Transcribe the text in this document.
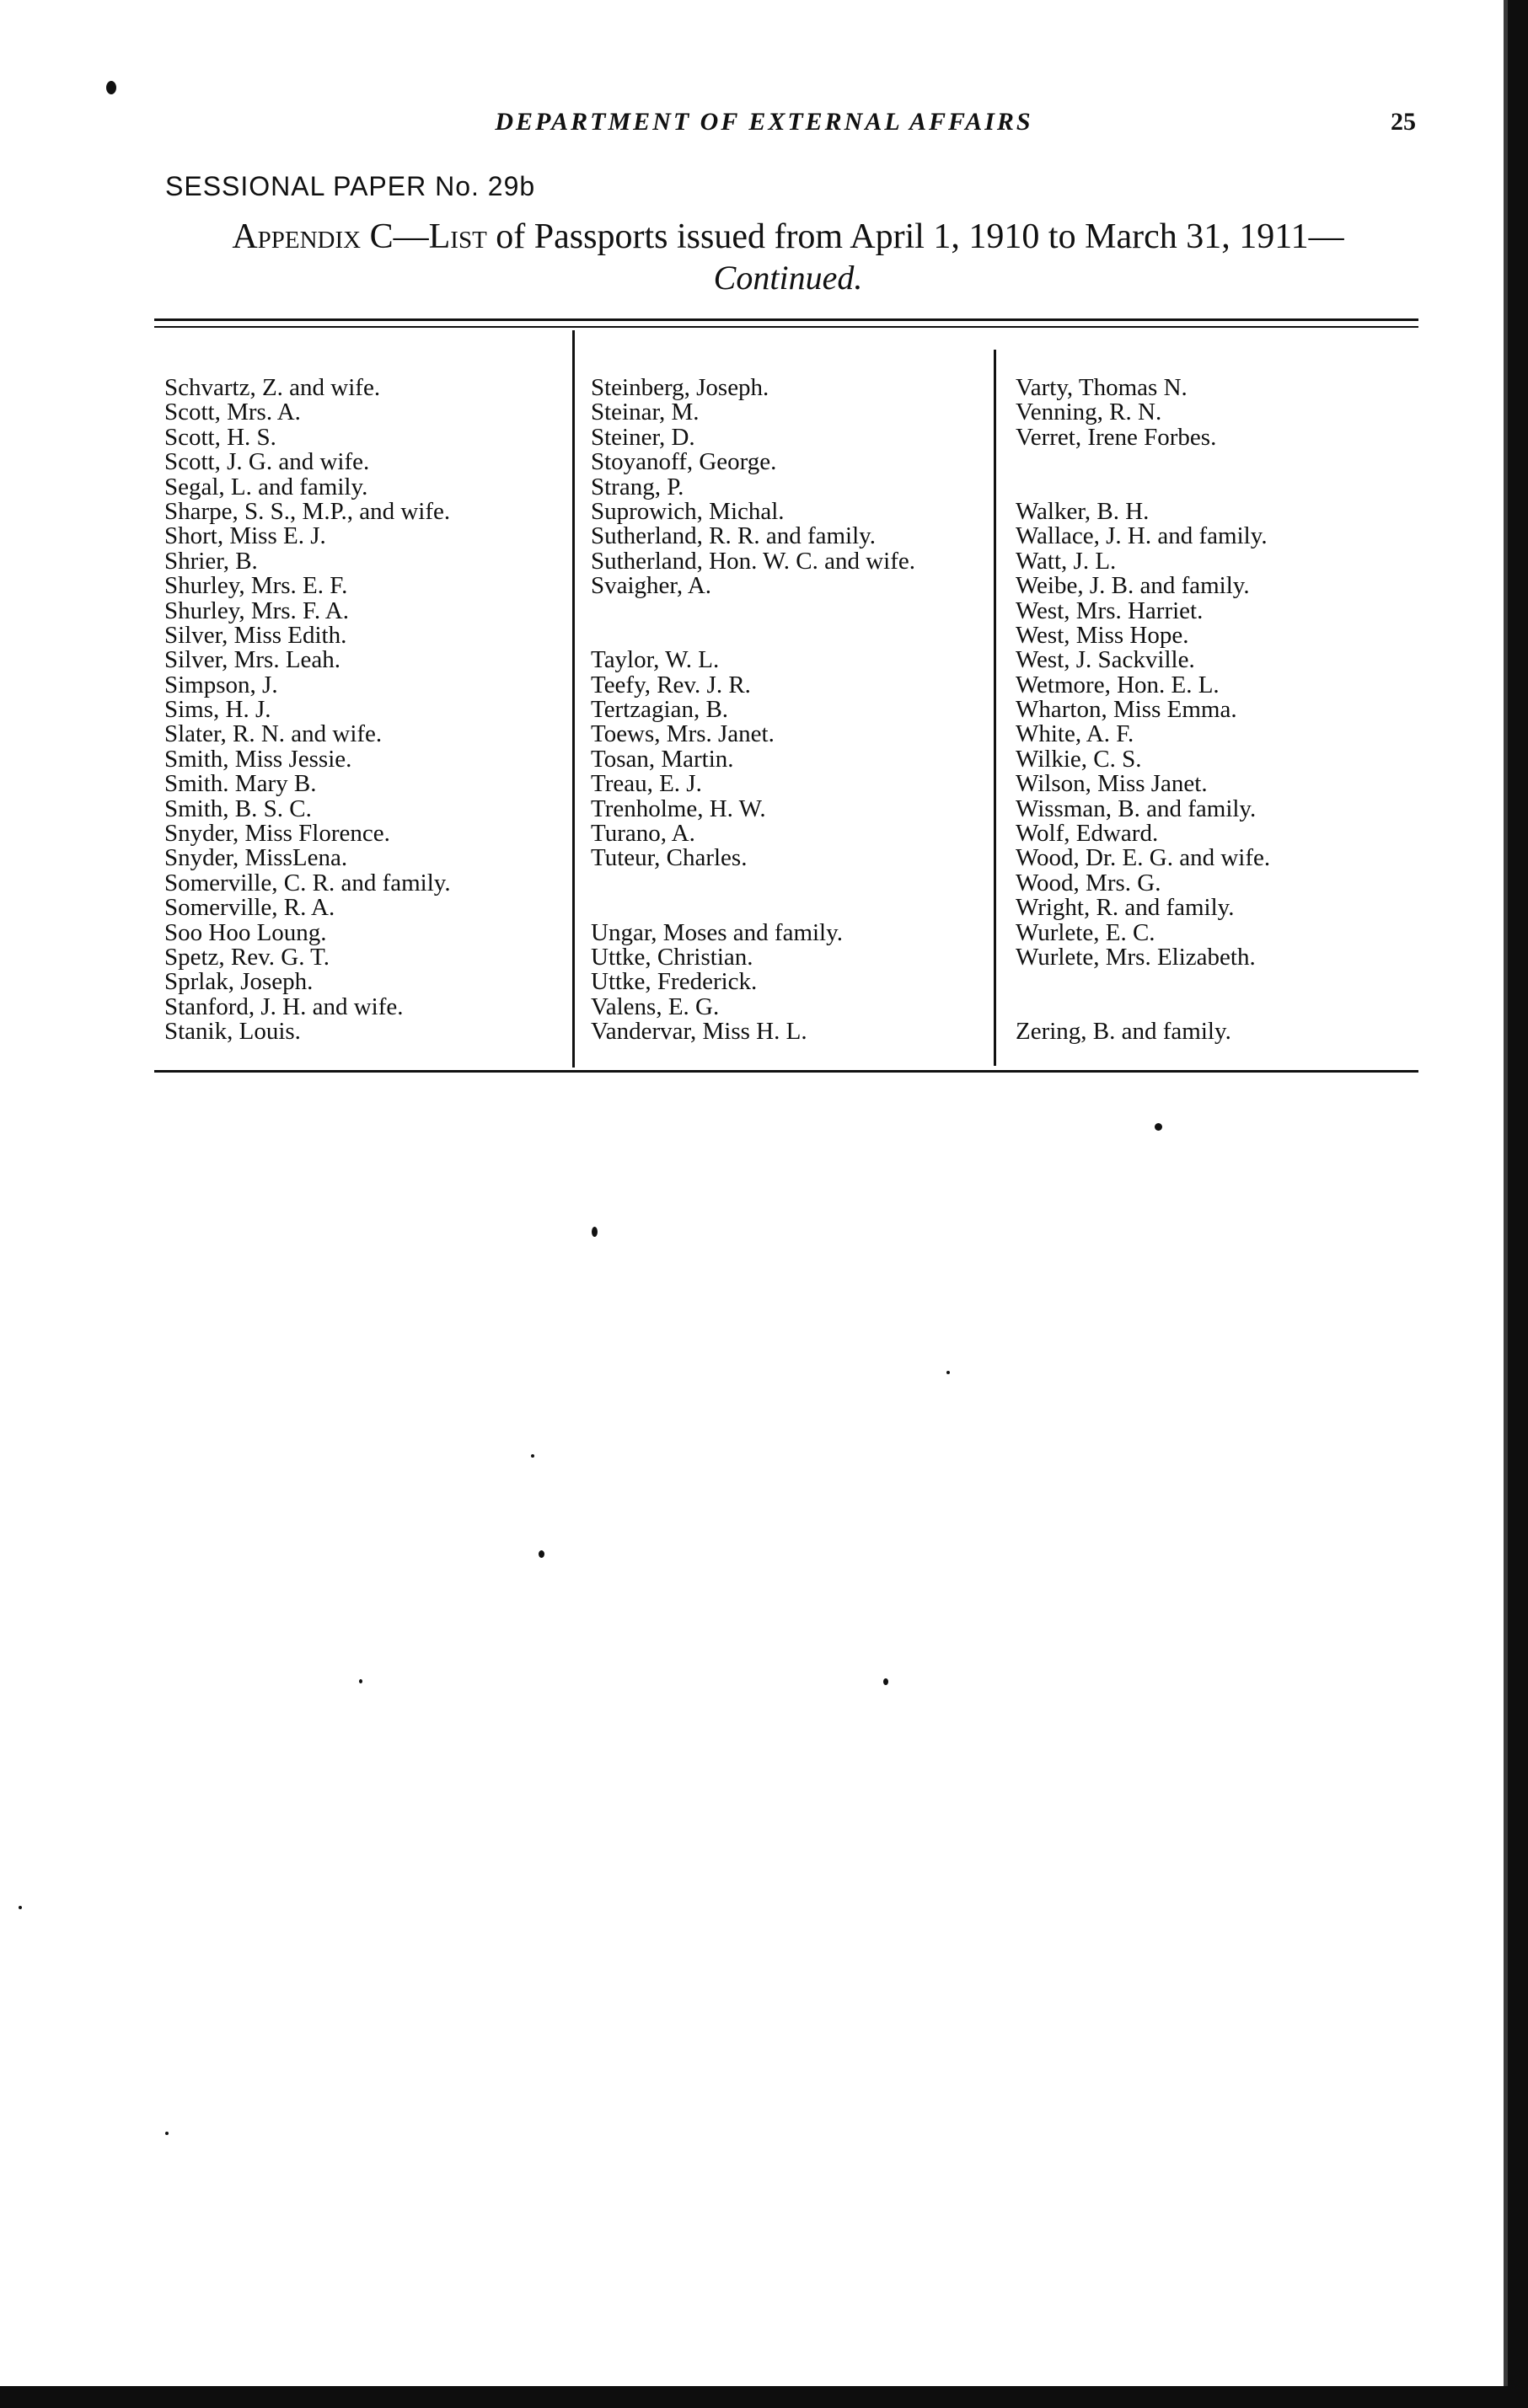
DEPARTMENT OF EXTERNAL AFFAIRS	25
SESSIONAL PAPER No. 29b
Appendix C—List of Passports issued from April 1, 1910 to March 31, 1911—
Continued.
Schvartz, Z. and wife.
Scott, Mrs. A.
Scott, H. S.
Scott, J. G. and wife.
Segal, L. and family.
Sharpe, S. S., M.P., and wife.
Short, Miss E. J.
Shrier, B.
Shurley, Mrs. E. F.
Shurley, Mrs. F. A.
Silver, Miss Edith.
Silver, Mrs. Leah.
Simpson, J.
Sims, H. J.
Slater, R. N. and wife.
Smith, Miss Jessie.
Smith. Mary B.
Smith, B. S. C.
Snyder, Miss Florence.
Snyder, MissLena.
Somerville, C. R. and family.
Somerville, R. A.
Soo Hoo Loung.
Spetz, Rev. G. T.
Sprlak, Joseph.
Stanford, J. H. and wife.
Stanik, Louis.
Steinberg, Joseph.
Steinar, M.
Steiner, D.
Stoyanoff, George.
Strang, P.
Suprowich, Michal.
Sutherland, R. R. and family.
Sutherland, Hon. W. C. and wife.
Svaigher, A.
Taylor, W. L.
Teefy, Rev. J. R.
Tertzagian, B.
Toews, Mrs. Janet.
Tosan, Martin.
Treau, E. J.
Trenholme, H. W.
Turano, A.
Tuteur, Charles.
Ungar, Moses and family.
Uttke, Christian.
Uttke, Frederick.
Valens, E. G.
Vandervar, Miss H. L.
Varty, Thomas N.
Venning, R. N.
Verret, Irene Forbes.
Walker, B. H.
Wallace, J. H. and family.
Watt, J. L.
Weibe, J. B. and family.
West, Mrs. Harriet.
West, Miss Hope.
West, J. Sackville.
Wetmore, Hon. E. L.
Wharton, Miss Emma.
White, A. F.
Wilkie, C. S.
Wilson, Miss Janet.
Wissman, B. and family.
Wolf, Edward.
Wood, Dr. E. G. and wife.
Wood, Mrs. G.
Wright, R. and family.
Wurlete, E. C.
Wurlete, Mrs. Elizabeth.
Zering, B. and family.
